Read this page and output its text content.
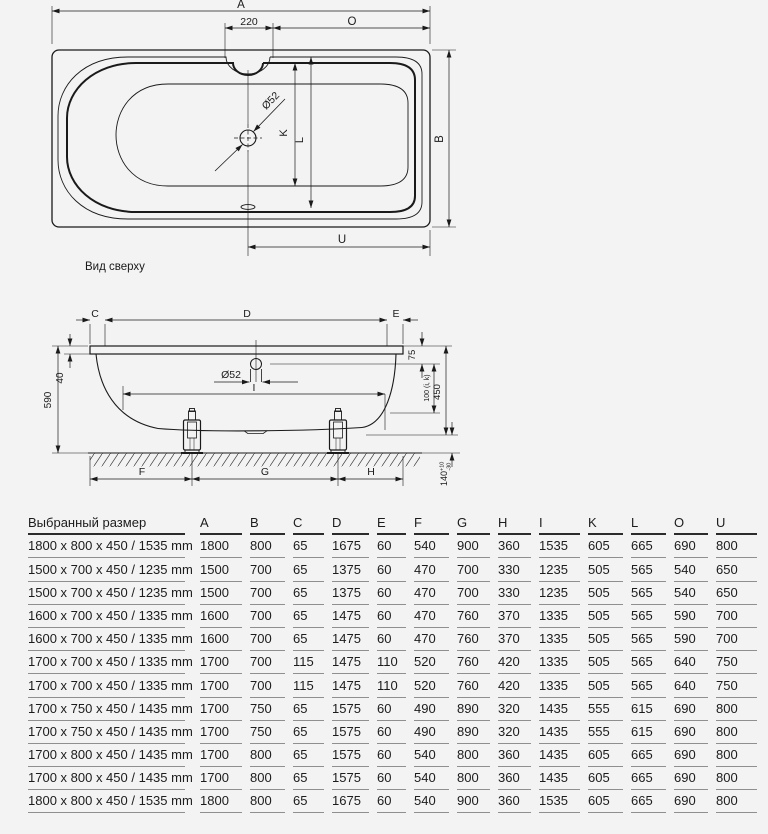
Ø52
A
220	O
B
K
L
U
Вид сверху
Ø52
C	D	E
590
40
I
75
100 (i, k) 450
$140^{+10}-30$
F	G	H
Выбранный размер	A	B	C	D	E	F	G	H	I	K	L	O	U
1800 x 800 x 450 / 1535 mm 1800	800	65	1675	60	540	900	360	1535	605	665	690	800
1500 x 700 x 450 / 1235 mm 1500	700	65	1375	60	470	700	330	1235	505	565	540	650
1500 x 700 x 450 / 1235 mm 1500	700	65	1375	60	470	700	330	1235	505	565	540	650
1600 x 700 x 450 / 1335 mm 1600	700	65	1475	60	470	760	370	1335	505	565	590	700
1600 x 700 x 450 / 1335 mm 1600	700	65	1475	60	470	760	370	1335	505	565	590	700
1700 x 700 x 450 / 1335 mm 1700	700	115	1475	110	520	760	420	1335	505	565	640	750
1700 x 700 x 450 / 1335 mm 1700	700	115	1475	110	520	760	420	1335	505	565	640	750
1700 x 750 x 450 / 1435 mm 1700	750	65	1575	60	490	890	320	1435	555	615	690	800
1700 x 750 x 450 / 1435 mm 1700	750	65	1575	60	490	890	320	1435	555	615	690	800
1700 x 800 x 450 / 1435 mm 1700	800	65	1575	60	540	800	360	1435	605	665	690	800
1700 x 800 x 450 / 1435 mm 1700	800	65	1575	60	540	800	360	1435	605	665	690	800
1800 x 800 x 450 / 1535 mm 1800	800	65	1675	60	540	900	360	1535	605	665	690	800
